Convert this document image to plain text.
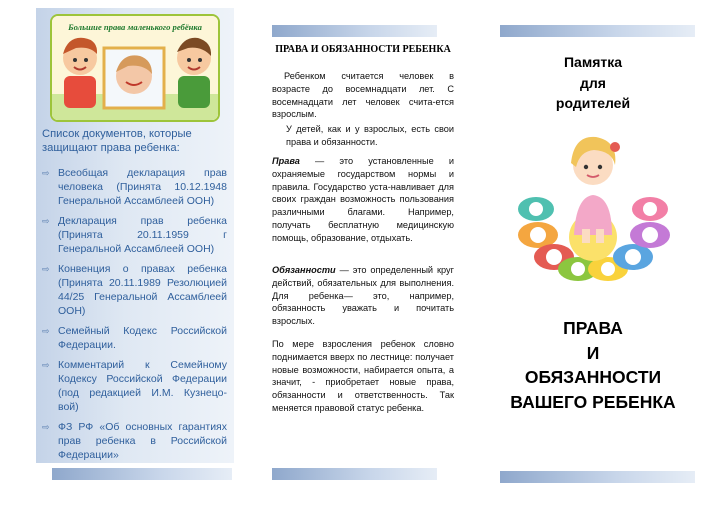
Большие права маленького ребёнка
Список документов, которые защищают права ребенка:
⇨ Всеобщая декларация прав человека (Принята 10.12.1948 Генеральной Ассамблеей ООН)
⇨ Декларация прав ребенка (Принята 20.11.1959 г Генеральной Ассамблеей ООН)
⇨ Конвенция о правах ребенка (Принята 20.11.1989 Резолюцией 44/25 Генеральной Ассамблеей ООН)
⇨ Семейный Кодекс Российской Федерации.
⇨ Комментарий к Семейному Кодексу Российской Федерации (под редакцией И.М. Кузнецо- вой)
⇨ ФЗ РФ «Об основных гарантиях прав ребенка в Российской Федерации»
ПРАВА И ОБЯЗАННОСТИ РЕБЕНКА

Ребенком считается человек в возрасте до восемнадцати лет. С восемнадцати лет человек счита-ется взрослым.

У детей, как и у взрослых, есть свои права и обязанности.

Права — это установленные и охраняемые государством нормы и правила. Государство уста-навливает для своих граждан возможность пользования различными благами. Например, получать бесплатную медицинскую помощь, образование, отдыхать.

Обязанности — это определенный круг действий, обязательных для выполнения. Для ребенка— это, например, обязанность уважать и почитать взрослых.

По мере взросления ребенок словно поднимается вверх по лестнице: получает новые возможности, набирается опыта, а значит, - приобретает новые права, обязанности и ответственность. Так меняется правовой статус ребенка.

Памятка
для
родителей
ПРАВА
И
ОБЯЗАННОСТИ
ВАШЕГО РЕБЕНКА
